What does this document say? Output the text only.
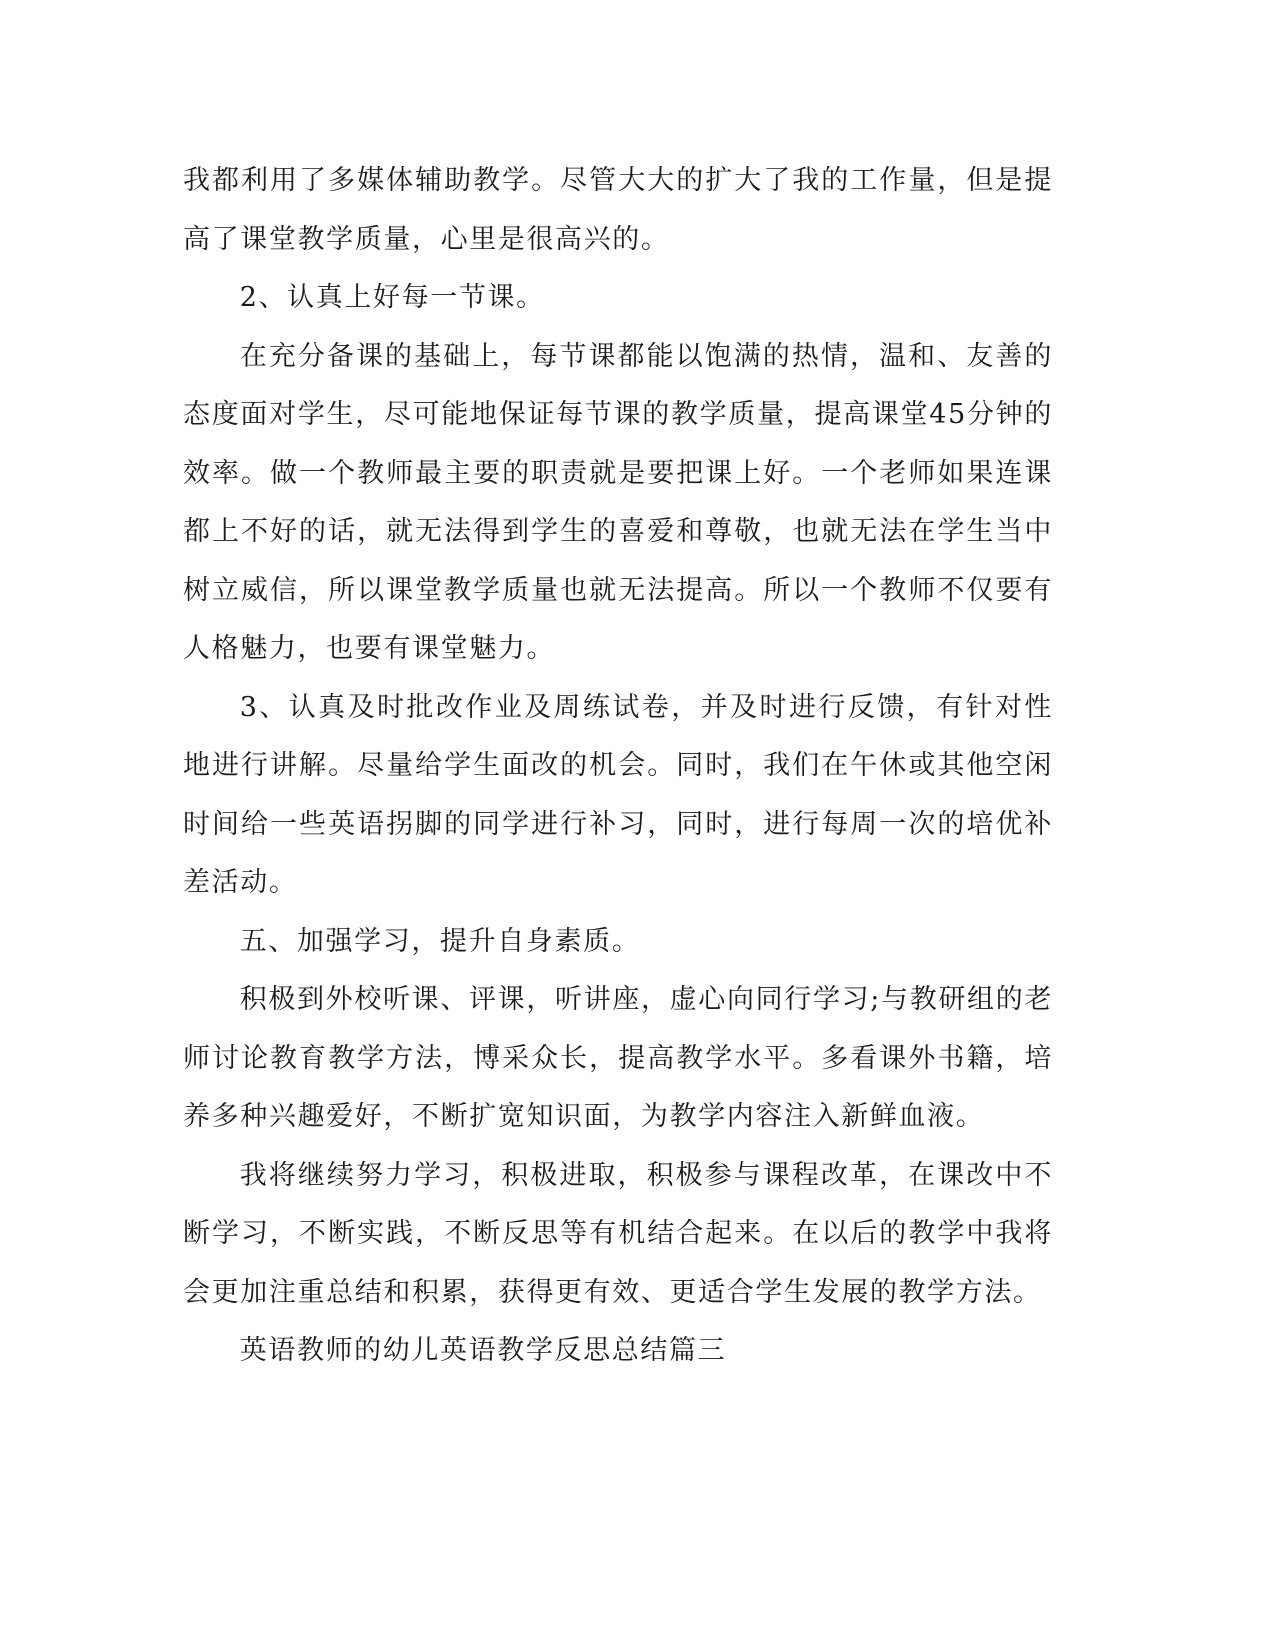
我都利用了多媒体辅助教学。尽管大大的扩大了我的工作量，但是提高了课堂教学质量，心里是很高兴的。

2、认真上好每一节课。

在充分备课的基础上，每节课都能以饱满的热情，温和、友善的态度面对学生，尽可能地保证每节课的教学质量，提高课堂45分钟的效率。做一个教师最主要的职责就是要把课上好。一个老师如果连课都上不好的话，就无法得到学生的喜爱和尊敬，也就无法在学生当中树立威信，所以课堂教学质量也就无法提高。所以一个教师不仅要有人格魅力，也要有课堂魅力。

3、认真及时批改作业及周练试卷，并及时进行反馈，有针对性地进行讲解。尽量给学生面改的机会。同时，我们在午休或其他空闲时间给一些英语拐脚的同学进行补习，同时，进行每周一次的培优补差活动。

五、加强学习，提升自身素质。

积极到外校听课、评课，听讲座，虚心向同行学习;与教研组的老师讨论教育教学方法，博采众长，提高教学水平。多看课外书籍，培养多种兴趣爱好，不断扩宽知识面，为教学内容注入新鲜血液。

我将继续努力学习，积极进取，积极参与课程改革，在课改中不断学习，不断实践，不断反思等有机结合起来。在以后的教学中我将会更加注重总结和积累，获得更有效、更适合学生发展的教学方法。

英语教师的幼儿英语教学反思总结篇三
